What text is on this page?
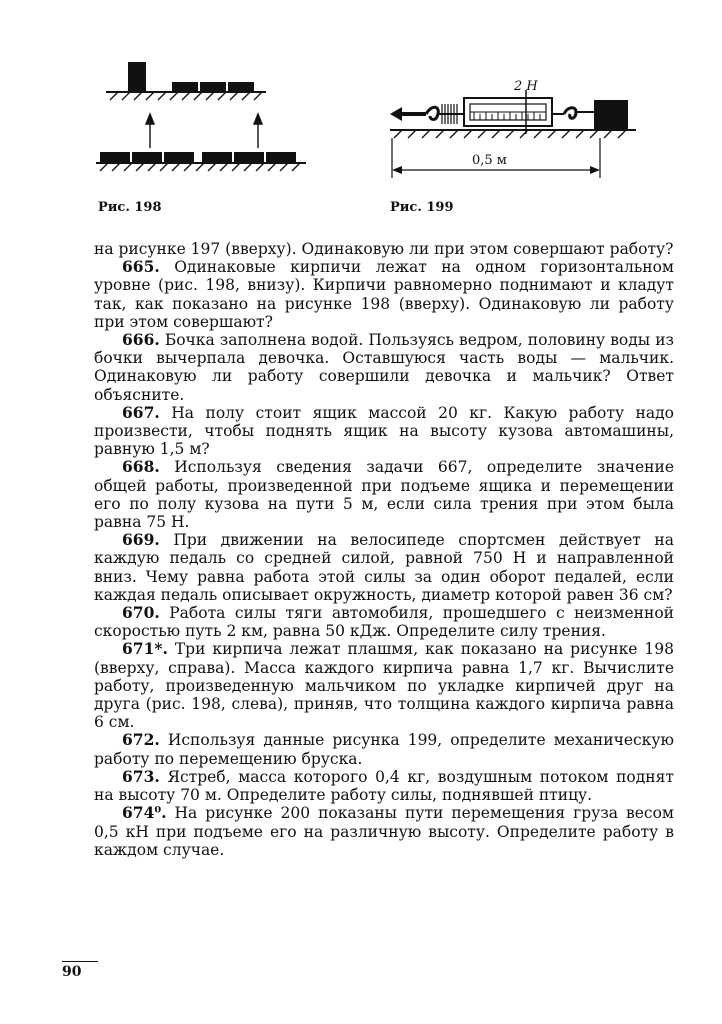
Рис. 198
2 H
0,5 м
Рис. 199

на рисунке 197 (вверху). Одинаковую ли при этом совершают работу?

665. Одинаковые кирпичи лежат на одном горизонтальном уровне (рис. 198, внизу). Кирпичи равномерно поднимают и кладут так, как показано на рисунке 198 (вверху). Одинаковую ли работу при этом совершают?

666. Бочка заполнена водой. Пользуясь ведром, половину воды из бочки вычерпала девочка. Оставшуюся часть воды — мальчик. Одинаковую ли работу совершили девочка и мальчик? Ответ объясните.

667. На полу стоит ящик массой 20 кг. Какую работу надо произвести, чтобы поднять ящик на высоту кузова автомашины, равную 1,5 м?

668. Используя сведения задачи 667, определите значение общей работы, произведенной при подъеме ящика и перемещении его по полу кузова на пути 5 м, если сила трения при этом была равна 75 Н.

669. При движении на велосипеде спортсмен действует на каждую педаль со средней силой, равной 750 Н и направленной вниз. Чему равна работа этой силы за один оборот педалей, если каждая педаль описывает окружность, диаметр которой равен 36 см?

670. Работа силы тяги автомобиля, прошедшего с неизменной скоростью путь 2 км, равна 50 кДж. Определите силу трения.

671*. Три кирпича лежат плашмя, как показано на рисунке 198 (вверху, справа). Масса каждого кирпича равна 1,7 кг. Вычислите работу, произведенную мальчиком по укладке кирпичей друг на друга (рис. 198, слева), приняв, что толщина каждого кирпича равна 6 см.

672. Используя данные рисунка 199, определите механическую работу по перемещению бруска.

673. Ястреб, масса которого 0,4 кг, воздушным потоком поднят на высоту 70 м. Определите работу силы, поднявшей птицу.

674⁰. На рисунке 200 показаны пути перемещения груза весом 0,5 кН при подъеме его на различную высоту. Определите работу в каждом случае.

90
